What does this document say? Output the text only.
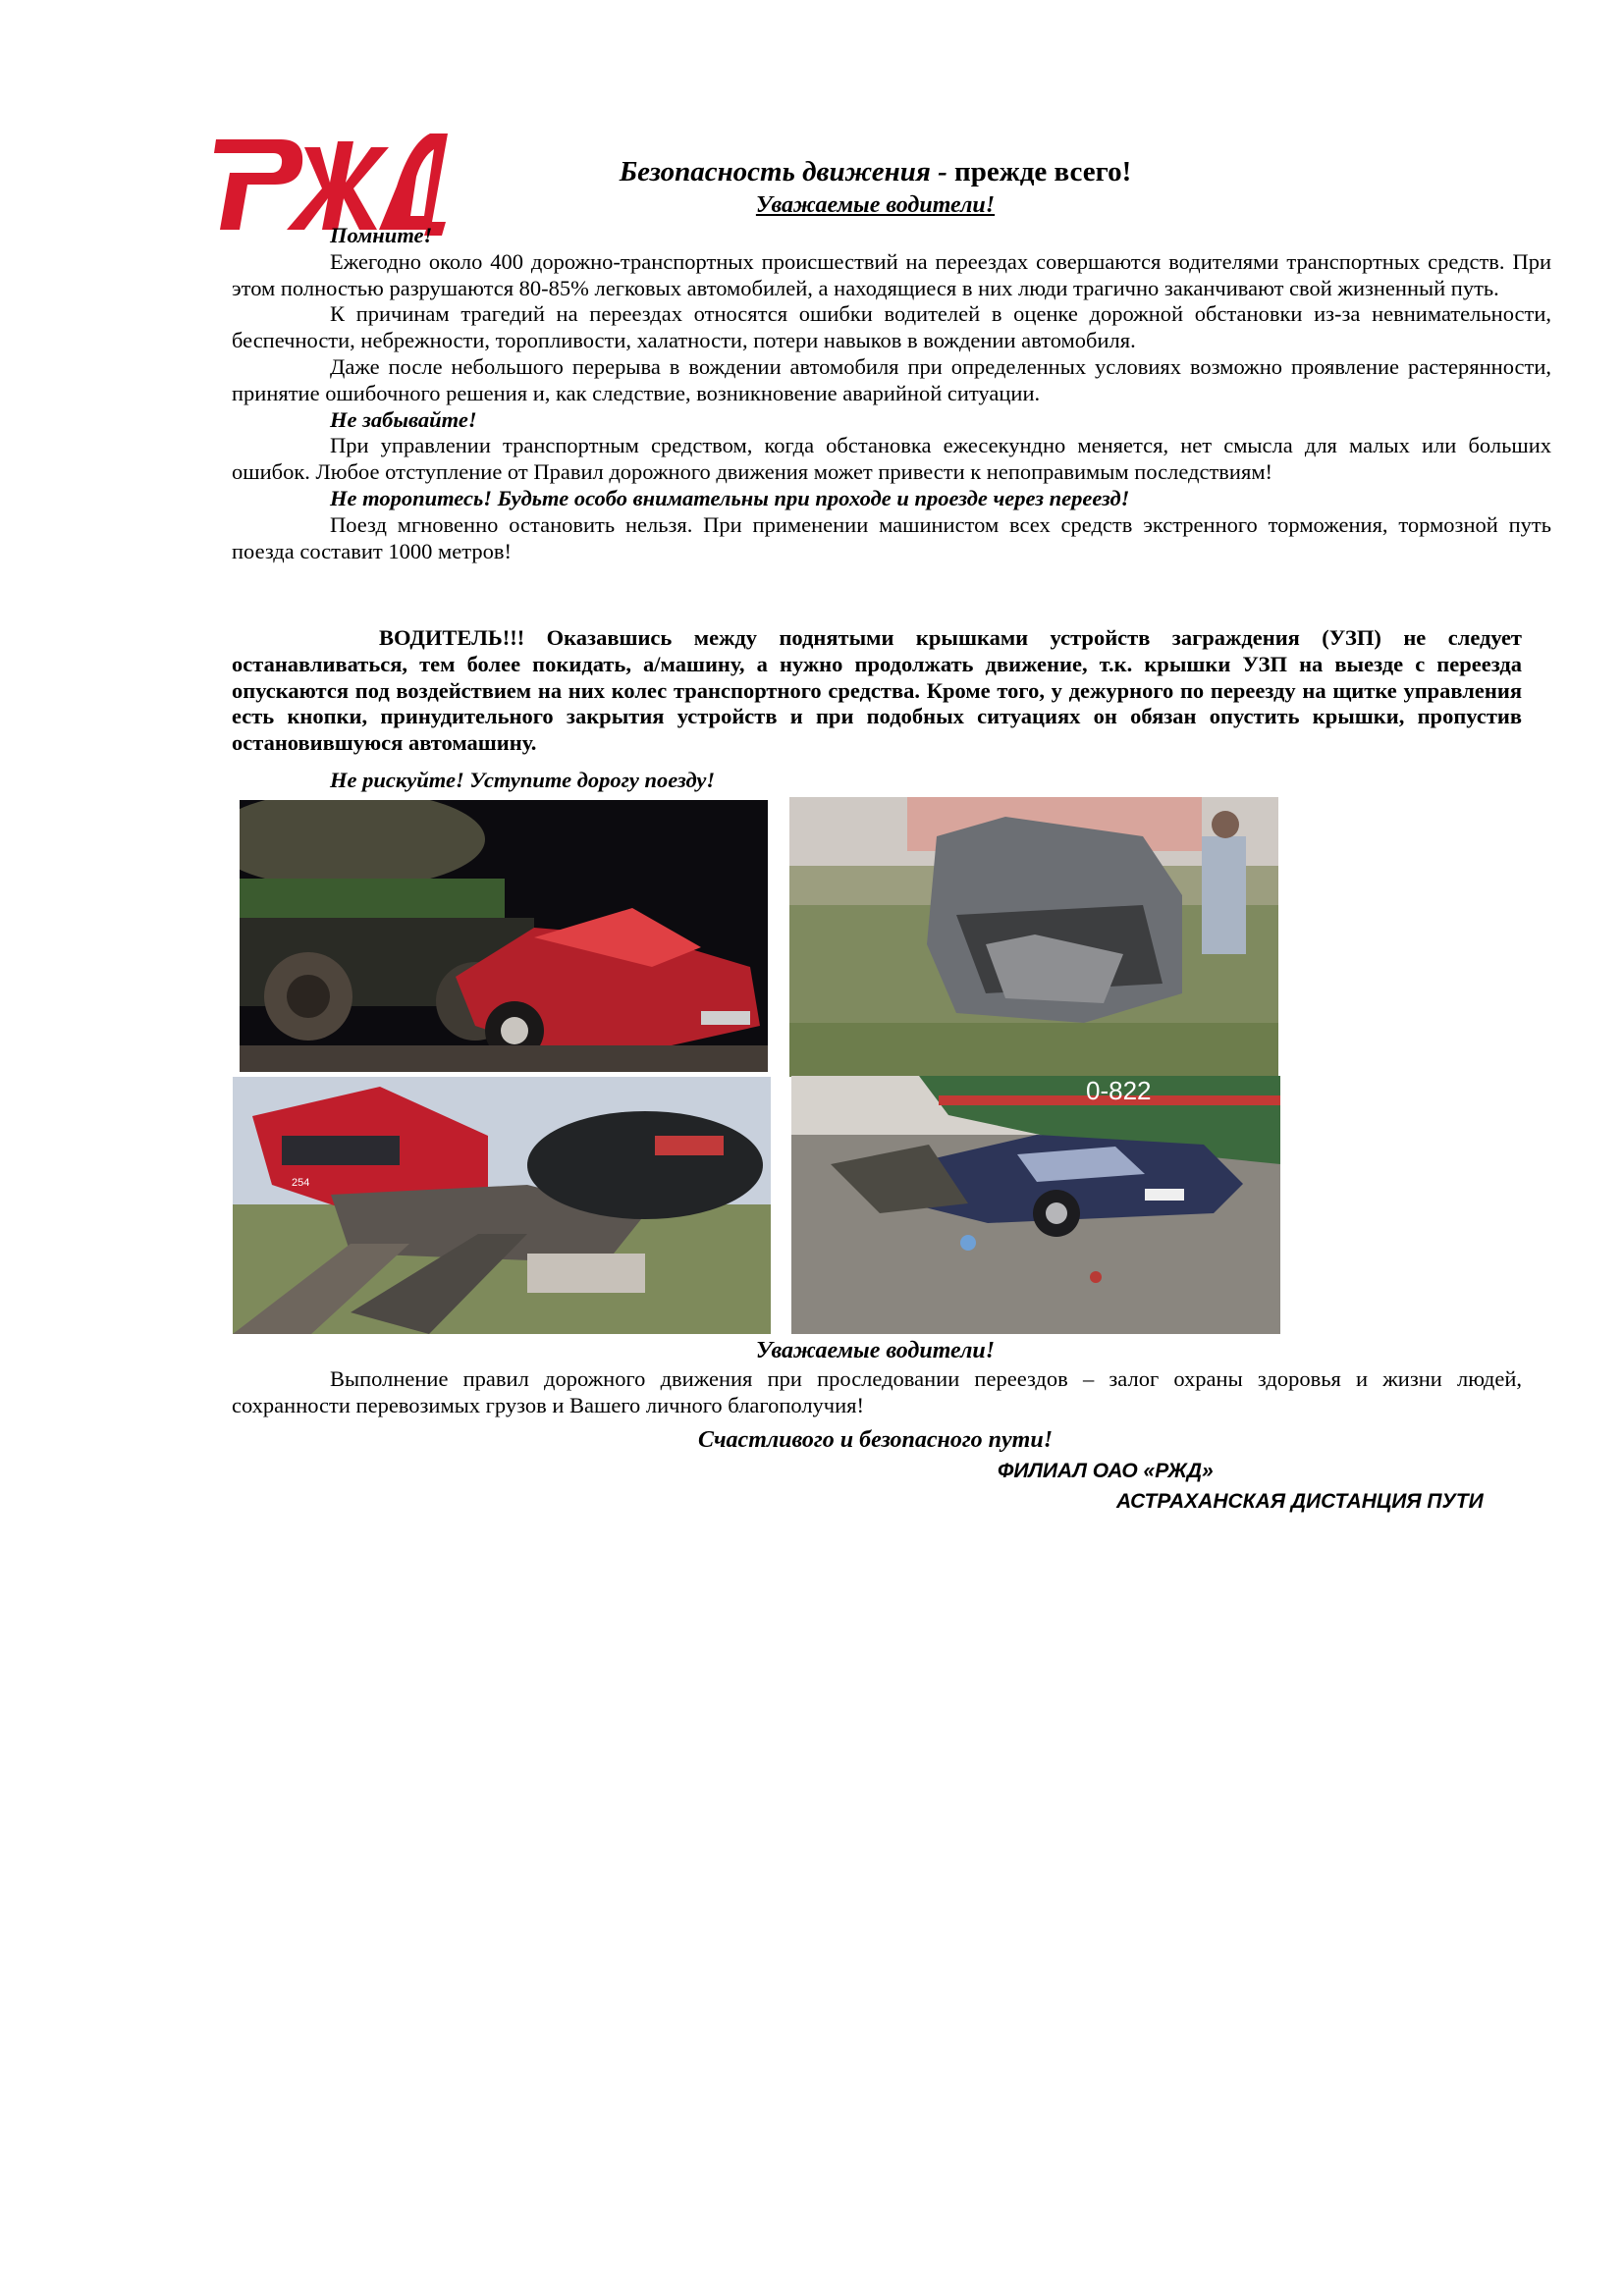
Безопасность движения - прежде всего!
Уважаемые водители!

Помните!

Ежегодно около 400 дорожно-транспортных происшествий на переездах совершаются водителями транспортных средств. При этом полностью разрушаются 80-85% легковых автомобилей, а находящиеся в них люди трагично заканчивают свой жизненный путь.

К причинам трагедий на переездах относятся ошибки водителей в оценке дорожной обстановки из-за невнимательности, беспечности, небрежности, торопливости, халатности, потери навыков в вождении автомобиля.

Даже после небольшого перерыва в вождении автомобиля при определенных условиях возможно проявление растерянности, принятие ошибочного решения и, как следствие, возникновение аварийной ситуации.

Не забывайте!

При управлении транспортным средством, когда обстановка ежесекундно меняется, нет смысла для малых или больших ошибок. Любое отступление от Правил дорожного движения может привести к непоправимым последствиям!

Не торопитесь! Будьте особо внимательны при проходе и проезде через переезд!

Поезд мгновенно остановить нельзя. При применении машинистом всех средств экстренного торможения, тормозной путь поезда составит 1000 метров!

ВОДИТЕЛЬ!!! Оказавшись между поднятыми крышками устройств заграждения (УЗП) не следует останавливаться, тем более покидать, а/машину, а нужно продолжать движение, т.к. крышки УЗП на выезде с переезда опускаются под воздействием на них колес транспортного средства. Кроме того, у дежурного по переезду на щитке управления есть кнопки, принудительного закрытия устройств и при подобных ситуациях он обязан опустить крышки, пропустив остановившуюся автомашину.

Не рискуйте! Уступите дорогу поезду!
254
0-822
Уважаемые водители!

Выполнение правил дорожного движения при проследовании переездов – залог охраны здоровья и жизни людей, сохранности перевозимых грузов и Вашего личного благополучия!

Счастливого и безопасного пути!
ФИЛИАЛ ОАО «РЖД»
АСТРАХАНСКАЯ ДИСТАНЦИЯ ПУТИ
